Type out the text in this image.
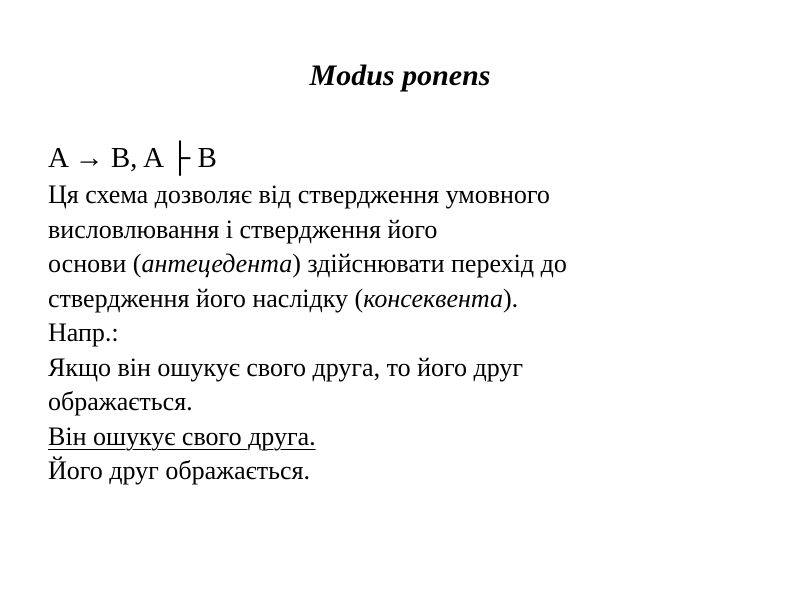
Modus ponens
A → B, A ├ B
Ця схема дозволяє від ствердження умовного
висловлювання і ствердження його
основи (антецедента) здійснювати перехід до
ствердження його наслідку (консеквента).
Напр.:
Якщо він ошукує свого друга, то його друг
ображається.
Він ошукує свого друга.
Його друг ображається.
